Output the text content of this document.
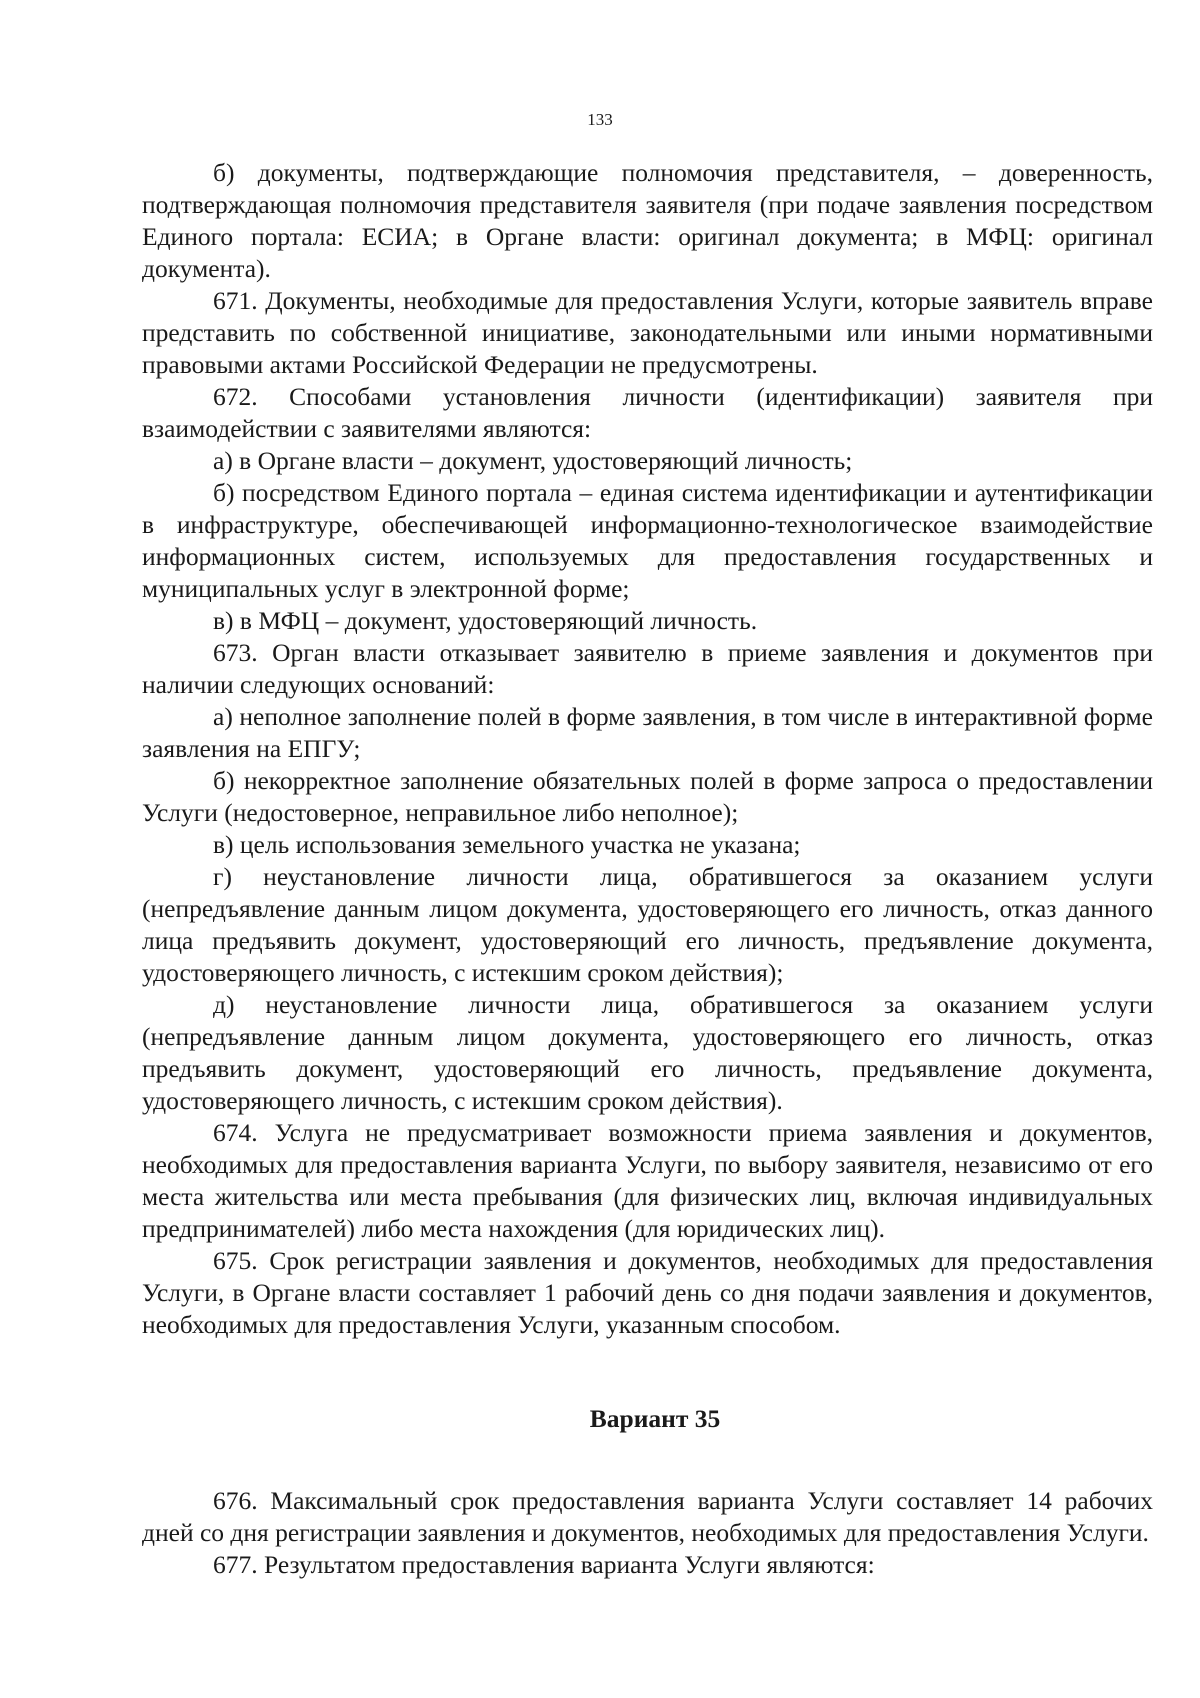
133

б) документы, подтверждающие полномочия представителя, – доверенность, подтверждающая полномочия представителя заявителя (при подаче заявления посредством Единого портала: ЕСИА; в Органе власти: оригинал документа; в МФЦ: оригинал документа).

671. Документы, необходимые для предоставления Услуги, которые заявитель вправе представить по собственной инициативе, законодательными или иными нормативными правовыми актами Российской Федерации не предусмотрены.

672. Способами установления личности (идентификации) заявителя при взаимодействии с заявителями являются:

а) в Органе власти – документ, удостоверяющий личность;

б) посредством Единого портала – единая система идентификации и аутентификации в инфраструктуре, обеспечивающей информационно-технологическое взаимодействие информационных систем, используемых для предоставления государственных и муниципальных услуг в электронной форме;

в) в МФЦ – документ, удостоверяющий личность.

673. Орган власти отказывает заявителю в приеме заявления и документов при наличии следующих оснований:

а) неполное заполнение полей в форме заявления, в том числе в интерактивной форме заявления на ЕПГУ;

б) некорректное заполнение обязательных полей в форме запроса о предоставлении Услуги (недостоверное, неправильное либо неполное);

в) цель использования земельного участка не указана;

г) неустановление личности лица, обратившегося за оказанием услуги (непредъявление данным лицом документа, удостоверяющего его личность, отказ данного лица предъявить документ, удостоверяющий его личность, предъявление документа, удостоверяющего личность, с истекшим сроком действия);

д) неустановление личности лица, обратившегося за оказанием услуги (непредъявление данным лицом документа, удостоверяющего его личность, отказ предъявить документ, удостоверяющий его личность, предъявление документа, удостоверяющего личность, с истекшим сроком действия).

674. Услуга не предусматривает возможности приема заявления и документов, необходимых для предоставления варианта Услуги, по выбору заявителя, независимо от его места жительства или места пребывания (для физических лиц, включая индивидуальных предпринимателей) либо места нахождения (для юридических лиц).

675. Срок регистрации заявления и документов, необходимых для предоставления Услуги, в Органе власти составляет 1 рабочий день со дня подачи заявления и документов, необходимых для предоставления Услуги, указанным способом.

Вариант 35

676. Максимальный срок предоставления варианта Услуги составляет 14 рабочих дней со дня регистрации заявления и документов, необходимых для предоставления Услуги.

677. Результатом предоставления варианта Услуги являются:
